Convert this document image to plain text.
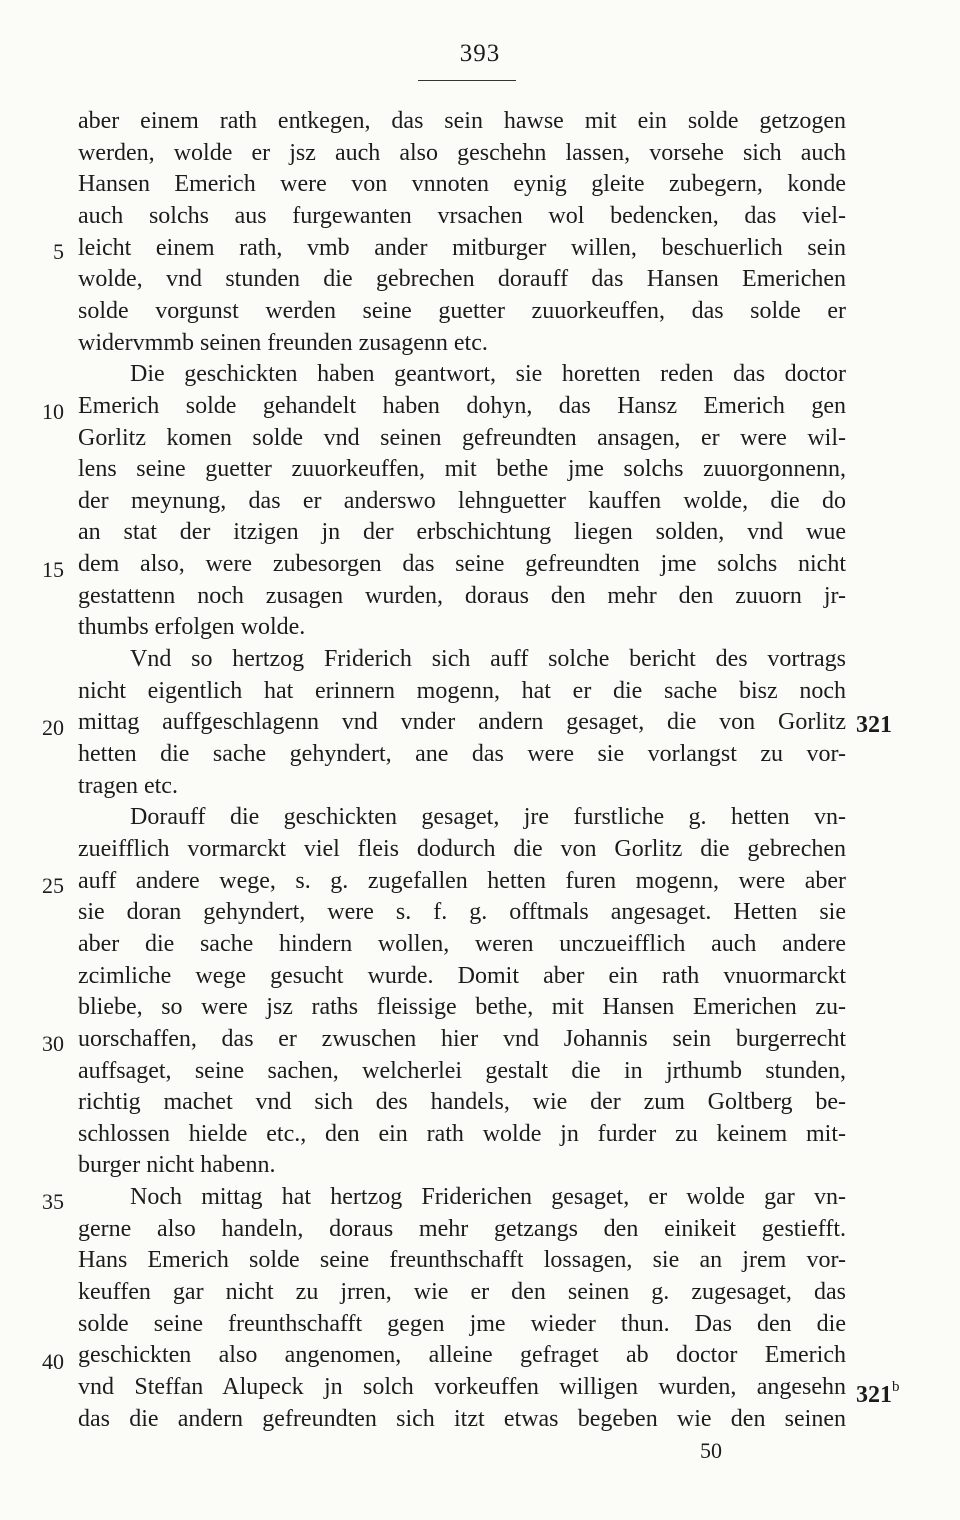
393
aber einem rath entkegen, das sein hawse mit ein solde getzogen
werden, wolde er jsz auch also geschehn lassen, vorsehe sich auch
Hansen Emerich were von vnnoten eynig gleite zubegern, konde
auch solchs aus furgewanten vrsachen wol bedencken, das viel-
leicht einem rath, vmb ander mitburger willen, beschuerlich sein
wolde, vnd stunden die gebrechen dorauff das Hansen Emerichen
solde vorgunst werden seine guetter zuuorkeuffen, das solde er
widervmmb seinen freunden zusagenn etc.
Die geschickten haben geantwort, sie horetten reden das doctor
Emerich solde gehandelt haben dohyn, das Hansz Emerich gen
Gorlitz komen solde vnd seinen gefreundten ansagen, er were wil-
lens seine guetter zuuorkeuffen, mit bethe jme solchs zuuorgonnenn,
der meynung, das er anderswo lehnguetter kauffen wolde, die do
an stat der itzigen jn der erbschichtung liegen solden, vnd wue
dem also, were zubesorgen das seine gefreundten jme solchs nicht
gestattenn noch zusagen wurden, doraus den mehr den zuuorn jr-
thumbs erfolgen wolde.
Vnd so hertzog Friderich sich auff solche bericht des vortrags
nicht eigentlich hat erinnern mogenn, hat er die sache bisz noch
mittag auffgeschlagenn vnd vnder andern gesaget, die von Gorlitz
hetten die sache gehyndert, ane das were sie vorlangst zu vor-
tragen etc.
Dorauff die geschickten gesaget, jre furstliche g. hetten vn-
zueifflich vormarckt viel fleis dodurch die von Gorlitz die gebrechen
auff andere wege, s. g. zugefallen hetten furen mogenn, were aber
sie doran gehyndert, were s. f. g. offtmals angesaget. Hetten sie
aber die sache hindern wollen, weren unczueifflich auch andere
zcimliche wege gesucht wurde. Domit aber ein rath vnuormarckt
bliebe, so were jsz raths fleissige bethe, mit Hansen Emerichen zu-
uorschaffen, das er zwuschen hier vnd Johannis sein burgerrecht
auffsaget, seine sachen, welcherlei gestalt die in jrthumb stunden,
richtig machet vnd sich des handels, wie der zum Goltberg be-
schlossen hielde etc., den ein rath wolde jn furder zu keinem mit-
burger nicht habenn.
Noch mittag hat hertzog Friderichen gesaget, er wolde gar vn-
gerne also handeln, doraus mehr getzangs den einikeit gestiefft.
Hans Emerich solde seine freunthschafft lossagen, sie an jrem vor-
keuffen gar nicht zu jrren, wie er den seinen g. zugesaget, das
solde seine freunthschafft gegen jme wieder thun. Das den die
geschickten also angenomen, alleine gefraget ab doctor Emerich
vnd Steffan Alupeck jn solch vorkeuffen willigen wurden, angesehn
das die andern gefreundten sich itzt etwas begeben wie den seinen
5
10
15
20
25
30
35
40
321
321$^b$
50
